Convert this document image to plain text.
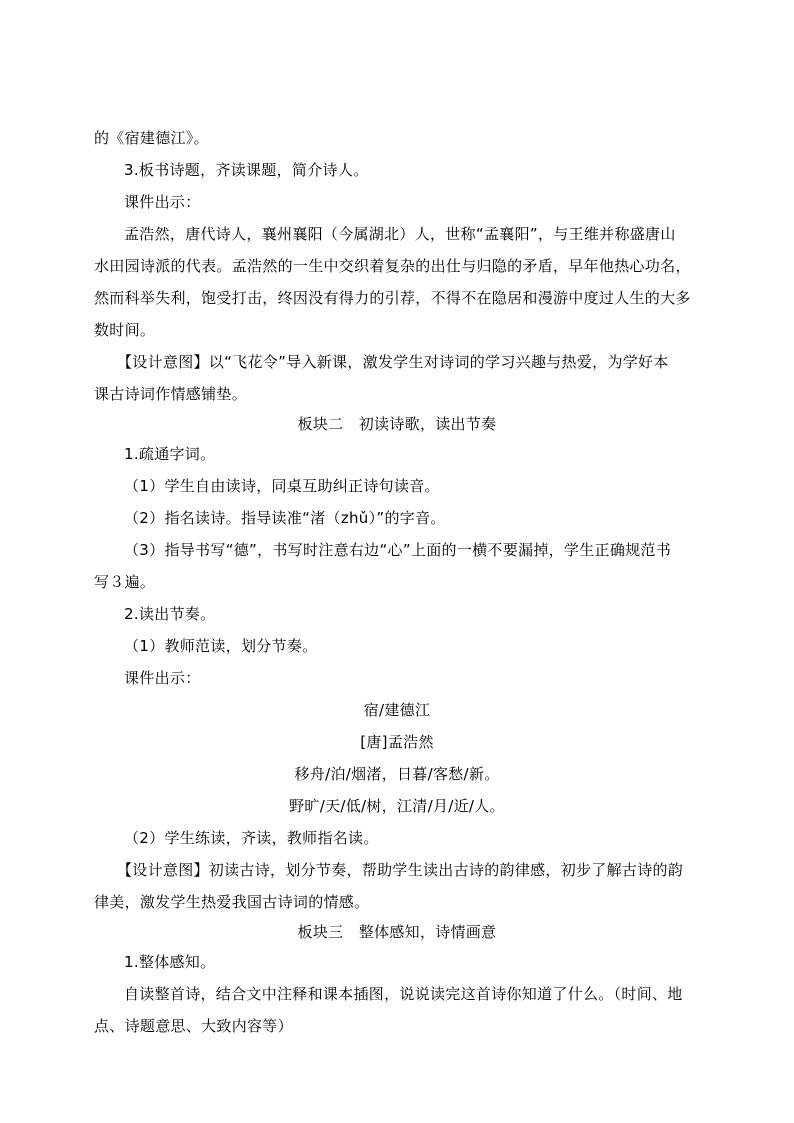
的《宿建德江》。
3.板书诗题，齐读课题，简介诗人。
课件出示：
孟浩然，唐代诗人，襄州襄阳（今属湖北）人，世称“孟襄阳”，与王维并称盛唐山
水田园诗派的代表。孟浩然的一生中交织着复杂的出仕与归隐的矛盾，早年他热心功名，
然而科举失利，饱受打击，终因没有得力的引荐，不得不在隐居和漫游中度过人生的大多
数时间。
【设计意图】以“飞花令”导入新课，激发学生对诗词的学习兴趣与热爱，为学好本
课古诗词作情感铺垫。
板块二　初读诗歌，读出节奏
1.疏通字词。
（1）学生自由读诗，同桌互助纠正诗句读音。
（2）指名读诗。指导读准“渚（zhǔ）”的字音。
（3）指导书写“德”，书写时注意右边“心”上面的一横不要漏掉，学生正确规范书
写３遍。
2.读出节奏。
（1）教师范读，划分节奏。
课件出示：
宿/建德江
[唐]孟浩然
移舟/泊/烟渚，日暮/客愁/新。
野旷/天/低/树，江清/月/近/人。
（2）学生练读，齐读，教师指名读。
【设计意图】初读古诗，划分节奏，帮助学生读出古诗的韵律感，初步了解古诗的韵
律美，激发学生热爱我国古诗词的情感。
板块三　整体感知，诗情画意
1.整体感知。
自读整首诗，结合文中注释和课本插图，说说读完这首诗你知道了什么。（时间、地
点、诗题意思、大致内容等）
